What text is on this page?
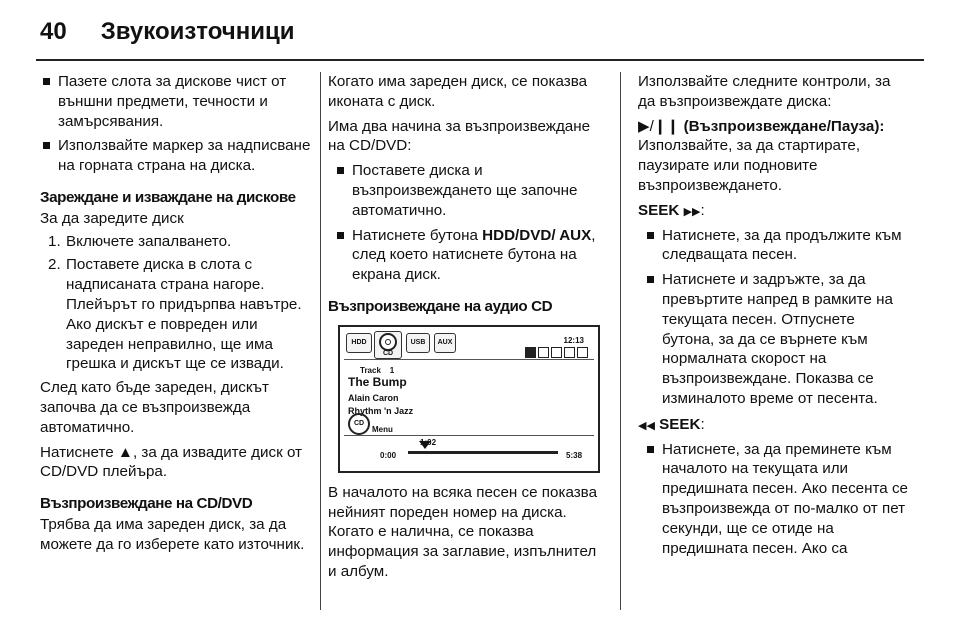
40 Звукоизточници
Пазете слота за дискове чист от външни предмети, течности и замърсявания.
Използвайте маркер за надписване на горната страна на диска.
Зареждане и изваждане на дискове

За да заредите диск

1. Включете запалването.
2. Поставете диска в слота с надписаната страна нагоре. Плейърът го придърпва навътре. Ако дискът е повреден или зареден неправилно, ще има грешка и дискът ще се извади.

След като бъде зареден, дискът започва да се възпроизвежда автоматично.

Натиснете ▲, за да извадите диск от CD/DVD плейъра.

Възпроизвеждане на CD/DVD

Трябва да има зареден диск, за да можете да го изберете като източник.

Когато има зареден диск, се показва иконата с диск.

Има два начина за възпроизвеждане на CD/DVD:

Поставете диска и възпроизвеждането ще започне автоматично.
Натиснете бутона HDD/DVD/ AUX, след което натиснете бутона на екрана диск.
Възпроизвеждане на аудио CD
HDD
CD
USB	AUX	12:13
Track 1
The Bump
Alain Caron
Rhythm 'n Jazz
CD
Menu
1:02
0:00	5:38

В началото на всяка песен се показва нейният пореден номер на диска. Когато е налична, се показва информация за заглавие, изпълнител и албум.

Използвайте следните контроли, за да възпроизвеждате диска:

▶/❙❙ (Възпроизвеждане/Пауза): Използвайте, за да стартирате, паузирате или подновите възпроизвеждането.

SEEK ▶▶:

Натиснете, за да продължите към следващата песен.
Натиснете и задръжте, за да превъртите напред в рамките на текущата песен. Отпуснете бутона, за да се върнете към нормалната скорост на възпроизвеждане. Показва се изминалото време от песента.

◀◀ SEEK:

Натиснете, за да преминете към началото на текущата или предишната песен. Ако песента се възпроизвежда от по-малко от пет секунди, ще се отиде на предишната песен. Ако са
